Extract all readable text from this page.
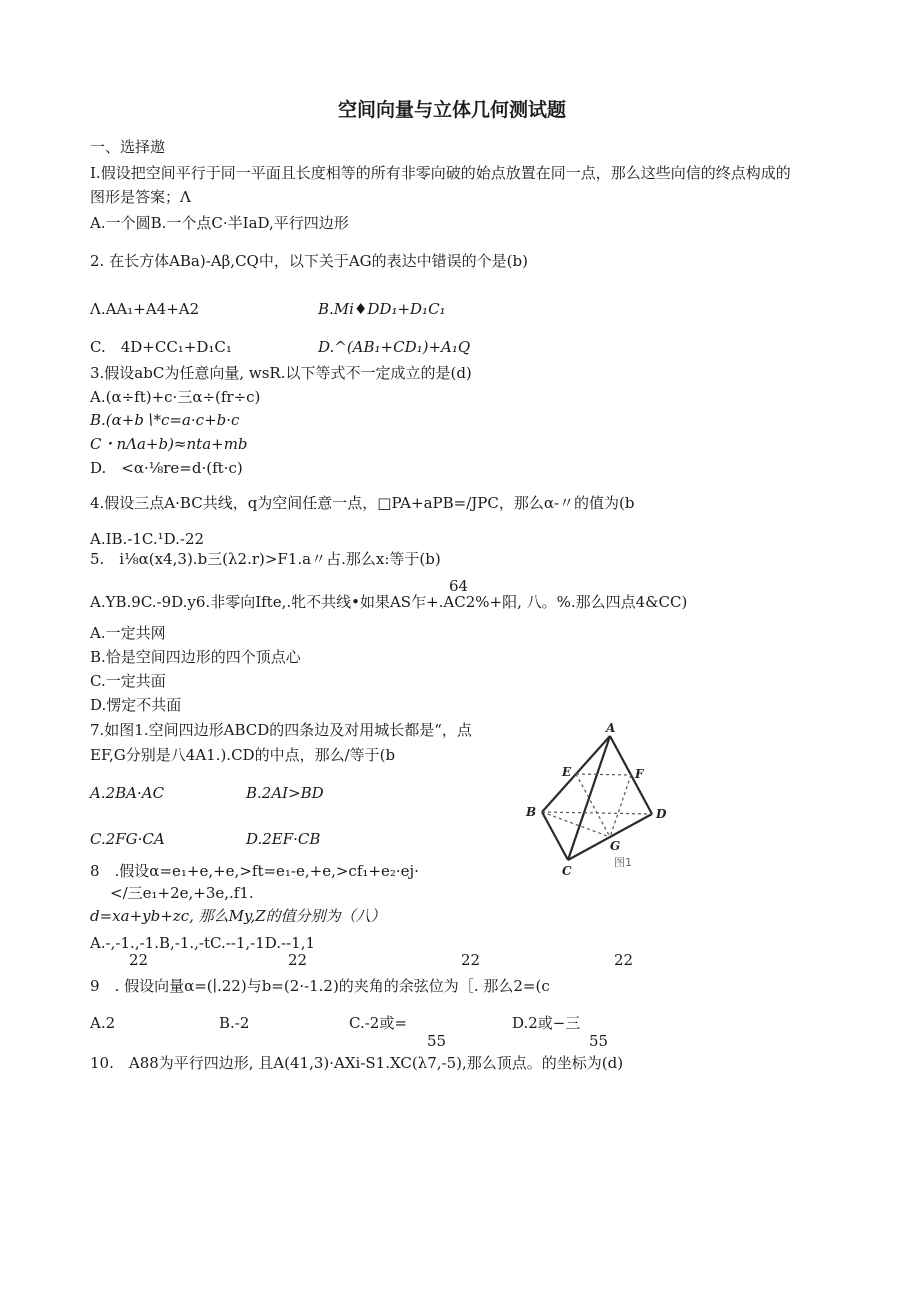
空间向量与立体几何测试题
一、选择遨
I.假设把空间平行于同一平面且长度相等的所有非零向破的始点放置在同一点，那么这些向信的终点构成的
图形是答案；Λ
A.一个圆B.一个点C·半IaD,平行四边形
2. 在长方体ABa)-Aβ,CQ中，以下关于AG的表达中错误的个是(b)
Λ.AA₁+A4+A2	B.Mi♦DD₁+D₁C₁
C.　4D+CC₁+D₁C₁	D.^(AB₁+CD₁)+A₁Q
3.假设abC为任意向量, wsR.以下等式不一定成立的是(d)
A.(α÷ft)+c·三α÷(fr÷c)
B.(α+b∖*c=a·c+b·c
C・nΛa+b)≈nta+mb
D.　<α·⅛re=d·(ft·c)
4.假设三点A·BC共线，q为空间任意一点，□PA+aPB=/JPC，那么α-〃的值为(b
A.IB.-1C.¹D.-22
5.　i⅛α(x4,3).b三(λ2.r)>F1.a〃占.那么x:等于(b)
64
A.YB.9C.-9D.y6.非零向Ifte,.牝不共线•如果AS乍+.AC2%+阳, 八。%.那么四点4&CC)
A.一定共网
B.恰是空间四边形的四个顶点心
C.一定共面
D.愣定不共面
7.如图1.空间四边形ABCD的四条边及对用城长都是“，点
EF,G分别是八4A1.).CD的中点，那么/等于(b
A.2BA·AC	B.2AI>BD
C.2FG·CA	D.2EF·CB
A
B
C
D
E	F
G
图1
8　.假设α=e₁+e,+e,>ft=e₁-e,+e,>cf₁+e₂·ej·
</三e₁+2e,+3e,.f1.
d=xa+yb+zc, 那么My,Z的值分别为（八）
A.-,-1.,-1.B,-1.,-tC.--1,-1D.--1,1
22	22	22	22
9　. 假设向量α=(∣.22)与b=(2·-1.2)的夹角的余弦位为［. 那么2=(c
A.2	B.-2	C.-2或=	D.2或−三
55	55
10.　A88为平行四边形, 且A(41,3)·AXi-S1.XC(λ7,-5),那么顶点。的坐标为(d)
